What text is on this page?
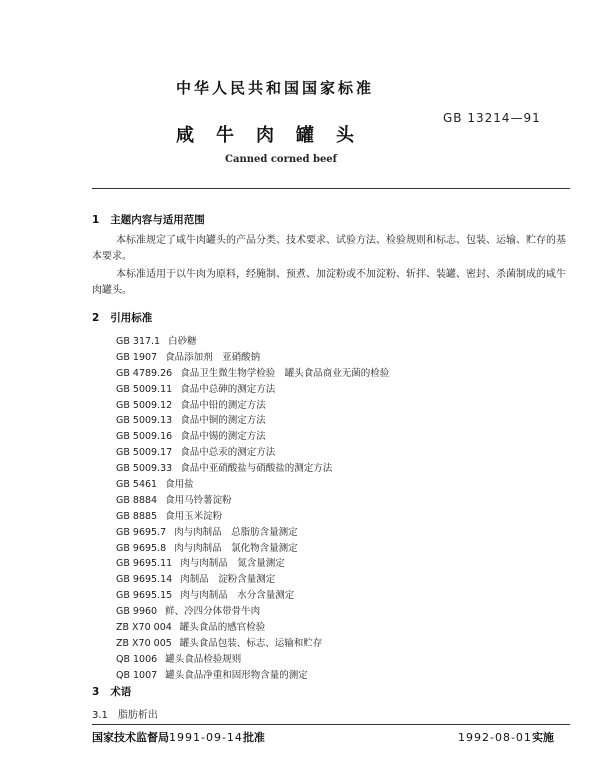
中华人民共和国国家标准
GB 13214—91
咸牛肉罐头
Canned corned beef
1 主题内容与适用范围
本标准规定了咸牛肉罐头的产品分类、技术要求、试验方法、检验规则和标志、包装、运输、贮存的基
本要求。
本标准适用于以牛肉为原料，经腌制、预煮、加淀粉或不加淀粉、斩拌、装罐、密封、杀菌制成的咸牛
肉罐头。
2 引用标准
GB 317.1 白砂糖
GB 1907 食品添加剂　亚硝酸钠
GB 4789.26 食品卫生微生物学检验　罐头食品商业无菌的检验
GB 5009.11 食品中总砷的测定方法
GB 5009.12 食品中铅的测定方法
GB 5009.13 食品中铜的测定方法
GB 5009.16 食品中锡的测定方法
GB 5009.17 食品中总汞的测定方法
GB 5009.33 食品中亚硝酸盐与硝酸盐的测定方法
GB 5461 食用盐
GB 8884 食用马铃薯淀粉
GB 8885 食用玉米淀粉
GB 9695.7 肉与肉制品　总脂肪含量测定
GB 9695.8 肉与肉制品　氯化物含量测定
GB 9695.11 肉与肉制品　氮含量测定
GB 9695.14 肉制品　淀粉含量测定
GB 9695.15 肉与肉制品　水分含量测定
GB 9960 鲜、冷四分体带骨牛肉
ZB X70 004 罐头食品的感官检验
ZB X70 005 罐头食品包装、标志、运输和贮存
QB 1006 罐头食品检验规则
QB 1007 罐头食品净重和固形物含量的测定
3 术语
3.1　脂肪析出
国家技术监督局1991-09-14批准	1992-08-01实施
